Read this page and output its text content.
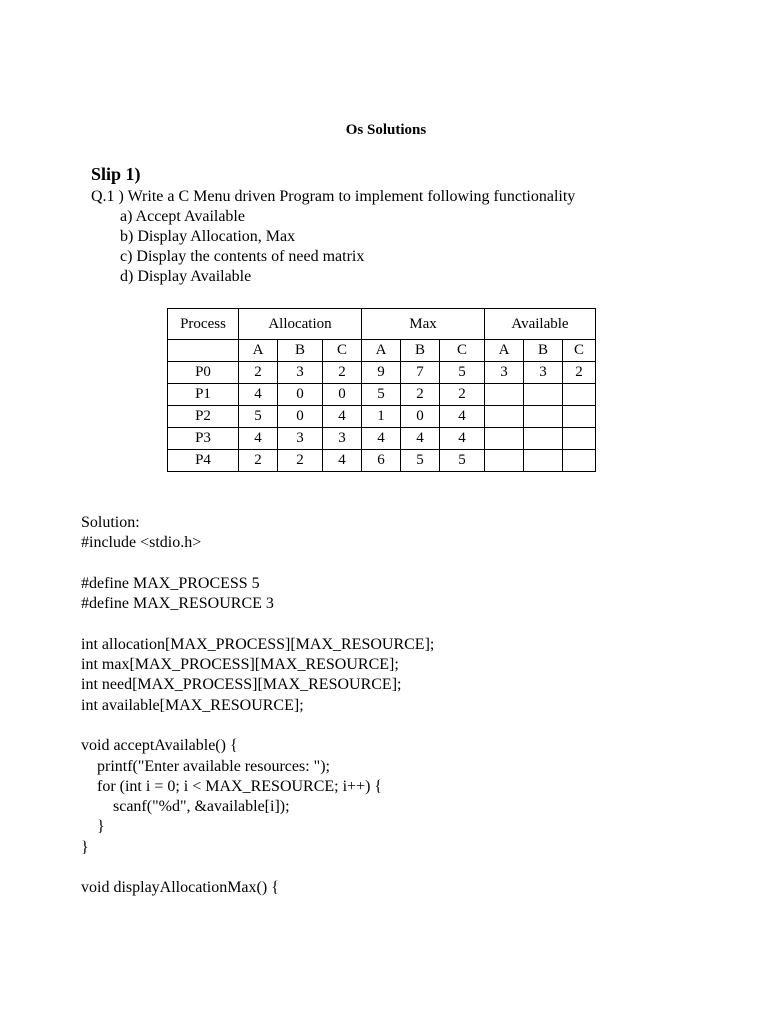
Os Solutions
Slip 1)
Q.1 ) Write a C Menu driven Program to implement following functionality
a) Accept Available
b) Display Allocation, Max
c) Display the contents of need matrix
d) Display Available
Process	Allocation			Max			Available		
	A	B	C	A	B	C	A	B	C
P0	2	3	2	9	7	5	3	3	2
P1	4	0	0	5	2	2			
P2	5	0	4	1	0	4			
P3	4	3	3	4	4	4			
P4	2	2	4	6	5	5			
Solution:
#include <stdio.h>

#define MAX_PROCESS 5
#define MAX_RESOURCE 3

int allocation[MAX_PROCESS][MAX_RESOURCE];
int max[MAX_PROCESS][MAX_RESOURCE];
int need[MAX_PROCESS][MAX_RESOURCE];
int available[MAX_RESOURCE];

void acceptAvailable() {
printf("Enter available resources: ");
for (int i = 0; i < MAX_RESOURCE; i++) {
scanf("%d", &available[i]);
}
}

void displayAllocationMax() {
